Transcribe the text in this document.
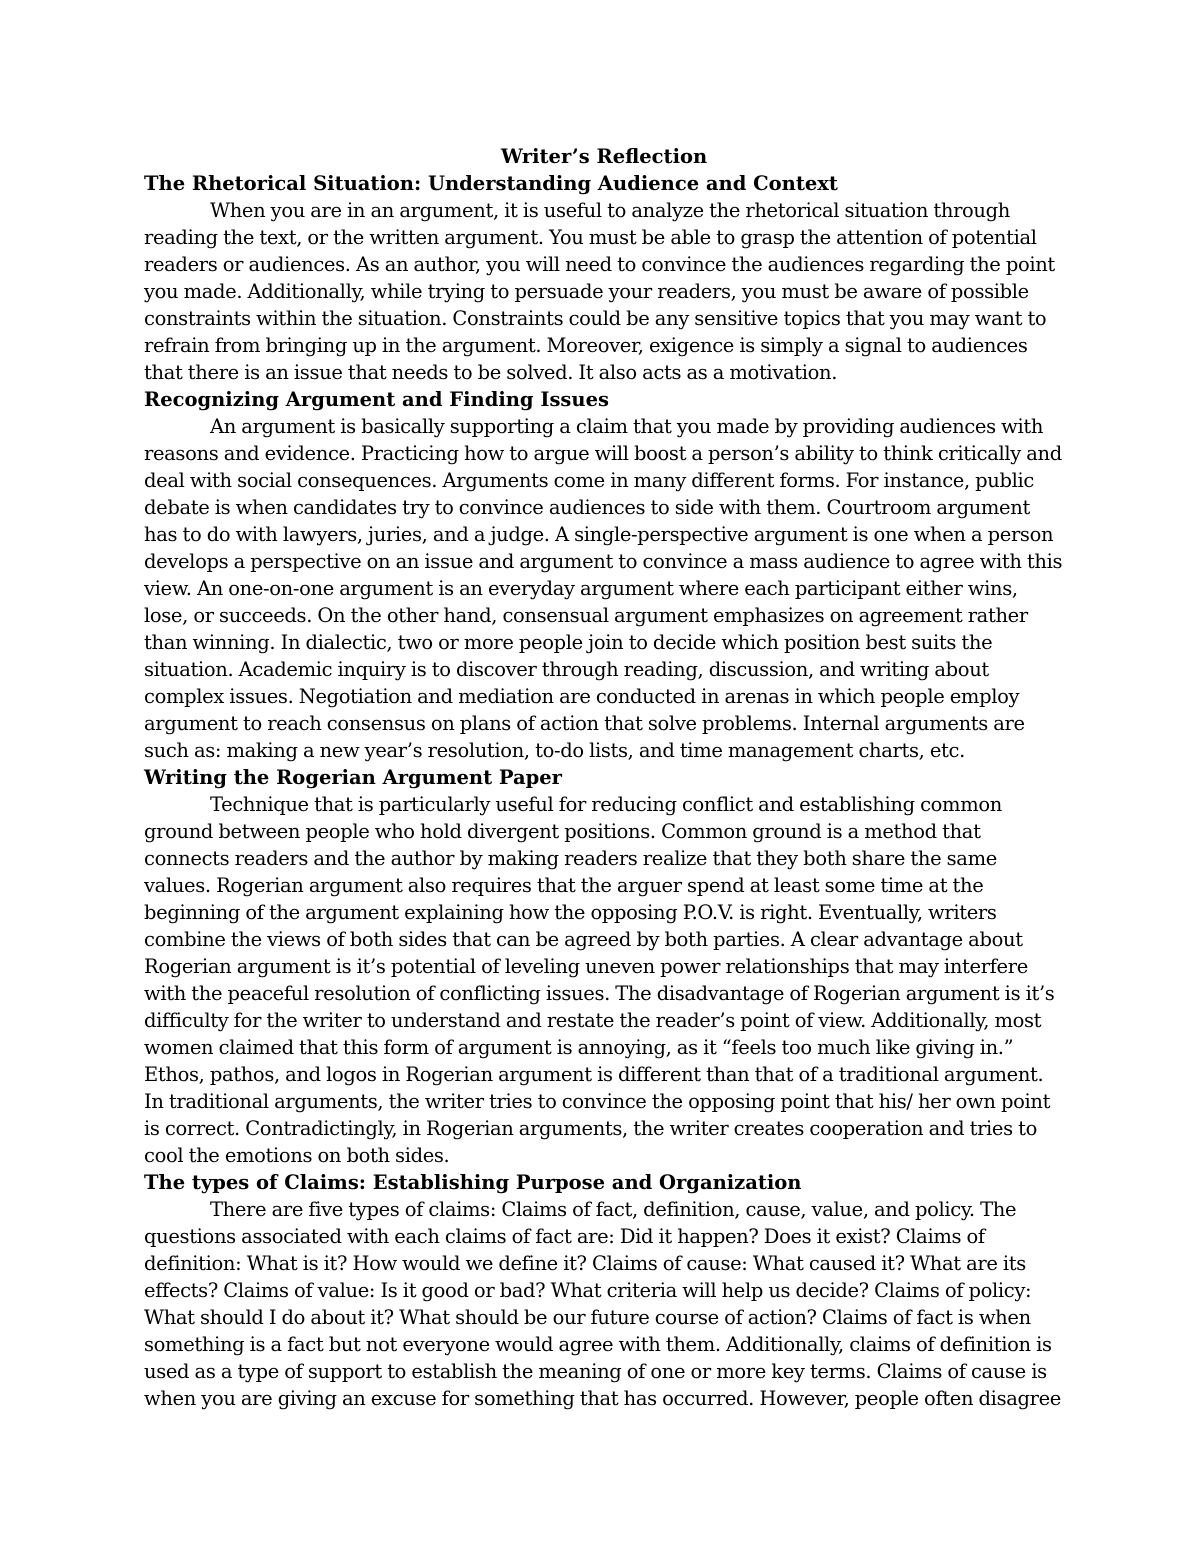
Writer’s Reflection

The Rhetorical Situation: Understanding Audience and Context

When you are in an argument, it is useful to analyze the rhetorical situation through reading the text, or the written argument. You must be able to grasp the attention of potential readers or audiences. As an author, you will need to convince the audiences regarding the point you made. Additionally, while trying to persuade your readers, you must be aware of possible constraints within the situation. Constraints could be any sensitive topics that you may want to refrain from bringing up in the argument. Moreover, exigence is simply a signal to audiences that there is an issue that needs to be solved. It also acts as a motivation.

Recognizing Argument and Finding Issues

An argument is basically supporting a claim that you made by providing audiences with reasons and evidence. Practicing how to argue will boost a person’s ability to think critically and deal with social consequences. Arguments come in many different forms. For instance, public debate is when candidates try to convince audiences to side with them. Courtroom argument has to do with lawyers, juries, and a judge. A single-perspective argument is one when a person develops a perspective on an issue and argument to convince a mass audience to agree with this view. An one-on-one argument is an everyday argument where each participant either wins, lose, or succeeds. On the other hand, consensual argument emphasizes on agreement rather than winning. In dialectic, two or more people join to decide which position best suits the situation. Academic inquiry is to discover through reading, discussion, and writing about complex issues. Negotiation and mediation are conducted in arenas in which people employ argument to reach consensus on plans of action that solve problems. Internal arguments are such as: making a new year’s resolution, to-do lists, and time management charts, etc.

Writing the Rogerian Argument Paper

Technique that is particularly useful for reducing conflict and establishing common ground between people who hold divergent positions. Common ground is a method that connects readers and the author by making readers realize that they both share the same values. Rogerian argument also requires that the arguer spend at least some time at the beginning of the argument explaining how the opposing P.O.V. is right. Eventually, writers combine the views of both sides that can be agreed by both parties. A clear advantage about Rogerian argument is it’s potential of leveling uneven power relationships that may interfere with the peaceful resolution of conflicting issues. The disadvantage of Rogerian argument is it’s difficulty for the writer to understand and restate the reader’s point of view. Additionally, most women claimed that this form of argument is annoying, as it “feels too much like giving in.” Ethos, pathos, and logos in Rogerian argument is different than that of a traditional argument. In traditional arguments, the writer tries to convince the opposing point that his/ her own point is correct. Contradictingly, in Rogerian arguments, the writer creates cooperation and tries to cool the emotions on both sides.

The types of Claims: Establishing Purpose and Organization

There are five types of claims: Claims of fact, definition, cause, value, and policy. The questions associated with each claims of fact are: Did it happen? Does it exist? Claims of definition: What is it? How would we define it? Claims of cause: What caused it? What are its effects? Claims of value: Is it good or bad? What criteria will help us decide? Claims of policy: What should I do about it? What should be our future course of action? Claims of fact is when something is a fact but not everyone would agree with them. Additionally, claims of definition is used as a type of support to establish the meaning of one or more key terms. Claims of cause is when you are giving an excuse for something that has occurred. However, people often disagree
